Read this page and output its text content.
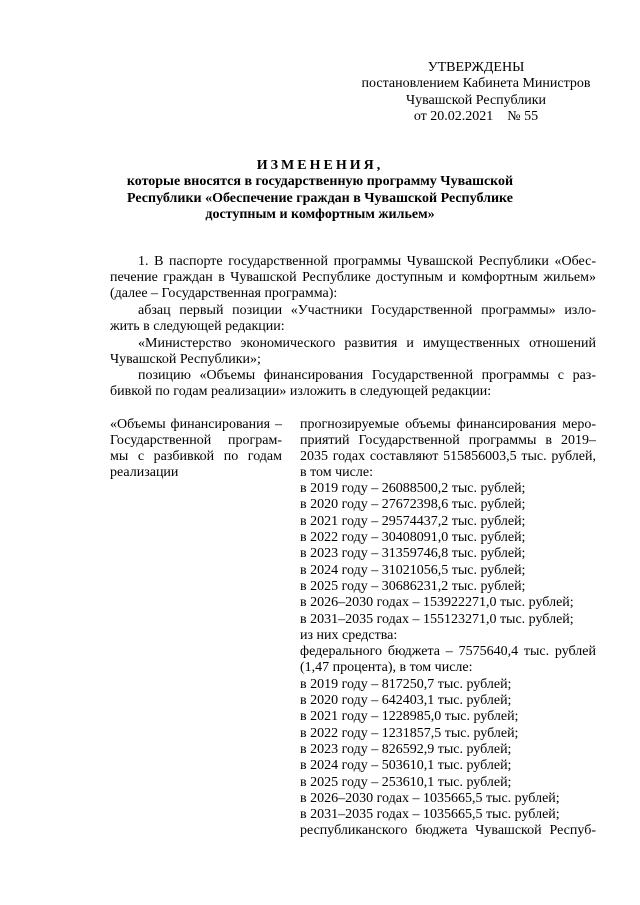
УТВЕРЖДЕНЫ
постановлением Кабинета Министров
Чувашской Республики
от 20.02.2021    № 55
ИЗМЕНЕНИЯ,
которые вносятся в государственную программу Чувашской
Республики «Обеспечение граждан в Чувашской Республике
доступным и комфортным жильем»
1. В паспорте государственной программы Чувашской Республики «Обес-
печение граждан в Чувашской Республике доступным и комфортным жильем»
(далее – Государственная программа):
абзац первый позиции «Участники Государственной программы» изло-
жить в следующей редакции:
«Министерство экономического развития и имущественных отношений
Чувашской Республики»;
позицию «Объемы финансирования Государственной программы с раз-
бивкой по годам реализации» изложить в следующей редакции:
«Объемы финансирования –
Государственной програм-
мы с разбивкой по годам
реализации
прогнозируемые объемы финансирования меро-
приятий Государственной программы в 2019–
2035 годах составляют 515856003,5 тыс. рублей,
в том числе:
в 2019 году – 26088500,2 тыс. рублей;
в 2020 году – 27672398,6 тыс. рублей;
в 2021 году – 29574437,2 тыс. рублей;
в 2022 году – 30408091,0 тыс. рублей;
в 2023 году – 31359746,8 тыс. рублей;
в 2024 году – 31021056,5 тыс. рублей;
в 2025 году – 30686231,2 тыс. рублей;
в 2026–2030 годах – 153922271,0 тыс. рублей;
в 2031–2035 годах – 155123271,0 тыс. рублей;
из них средства:
федерального бюджета – 7575640,4 тыс. рублей
(1,47 процента), в том числе:
в 2019 году – 817250,7 тыс. рублей;
в 2020 году – 642403,1 тыс. рублей;
в 2021 году – 1228985,0 тыс. рублей;
в 2022 году – 1231857,5 тыс. рублей;
в 2023 году – 826592,9 тыс. рублей;
в 2024 году – 503610,1 тыс. рублей;
в 2025 году – 253610,1 тыс. рублей;
в 2026–2030 годах – 1035665,5 тыс. рублей;
в 2031–2035 годах – 1035665,5 тыс. рублей;
республиканского бюджета Чувашской Респуб-
